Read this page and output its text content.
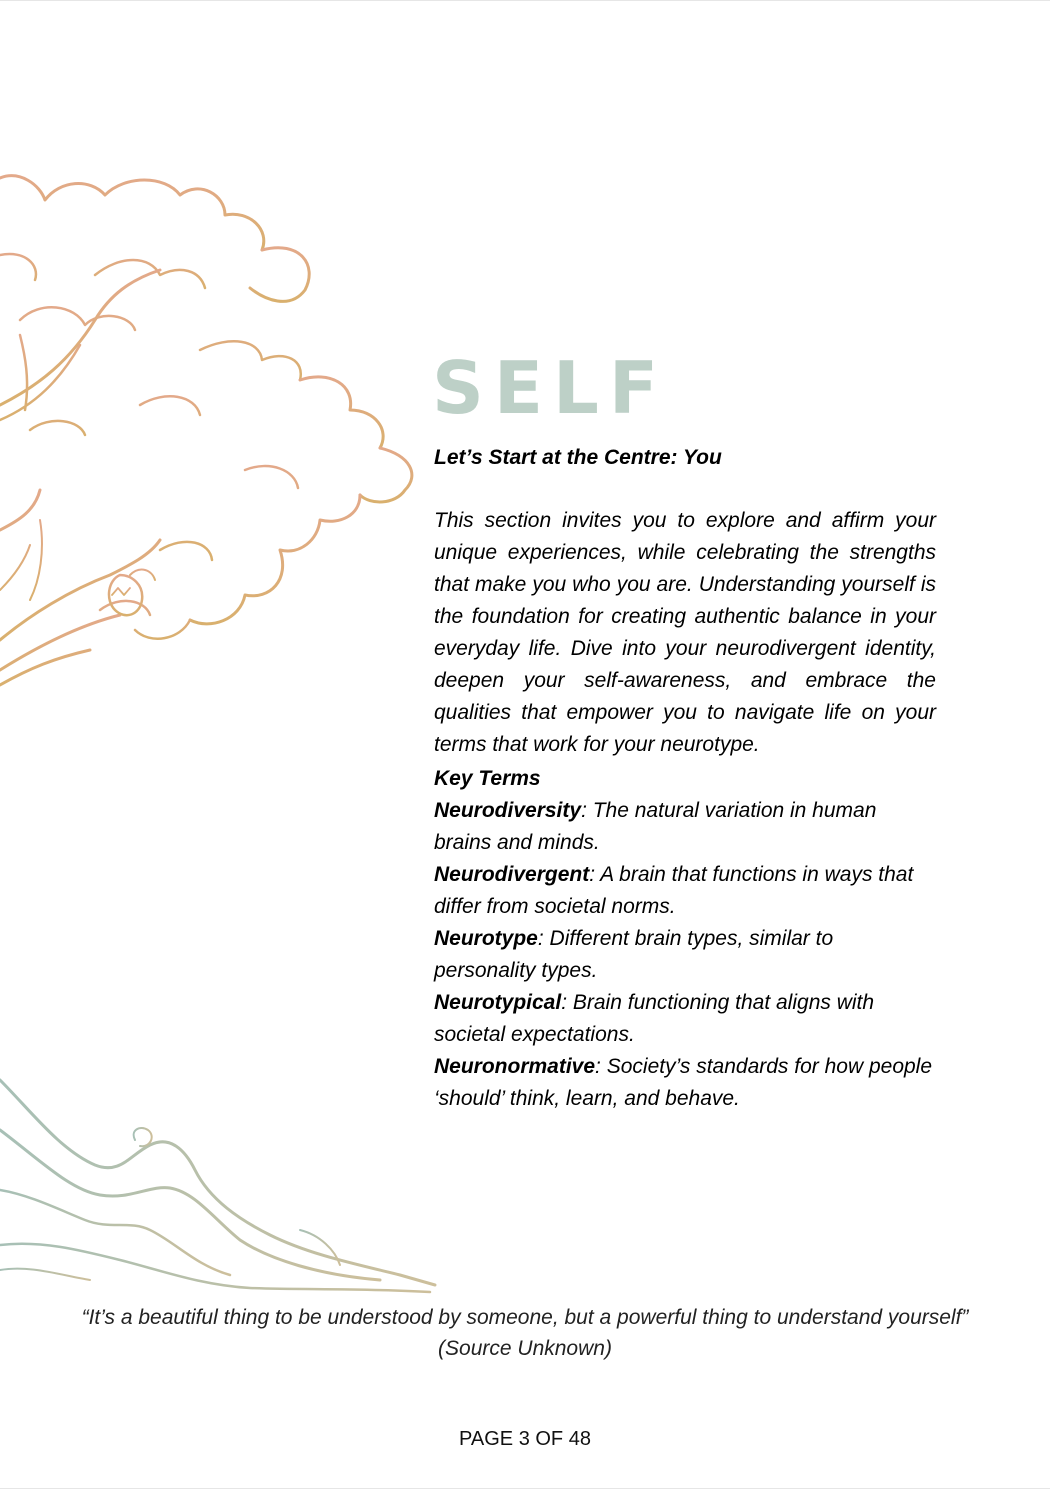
SELF

Let’s Start at the Centre: You

This section invites you to explore and affirm your unique experiences, while celebrating the strengths that make you who you are. Understanding yourself is the foundation for creating authentic balance in your everyday life. Dive into your neurodivergent identity, deepen your self-awareness, and embrace the qualities that empower you to navigate life on your terms that work for your neurotype.

Key Terms

Neurodiversity: The natural variation in human brains and minds.

Neurodivergent: A brain that functions in ways that differ from societal norms.

Neurotype: Different brain types, similar to personality types.

Neurotypical: Brain functioning that aligns with societal expectations.

Neuronormative: Society’s standards for how people ‘should’ think, learn, and behave.

“It’s a beautiful thing to be understood by someone, but a powerful thing to understand yourself”

(Source Unknown)

PAGE 3 OF 48
